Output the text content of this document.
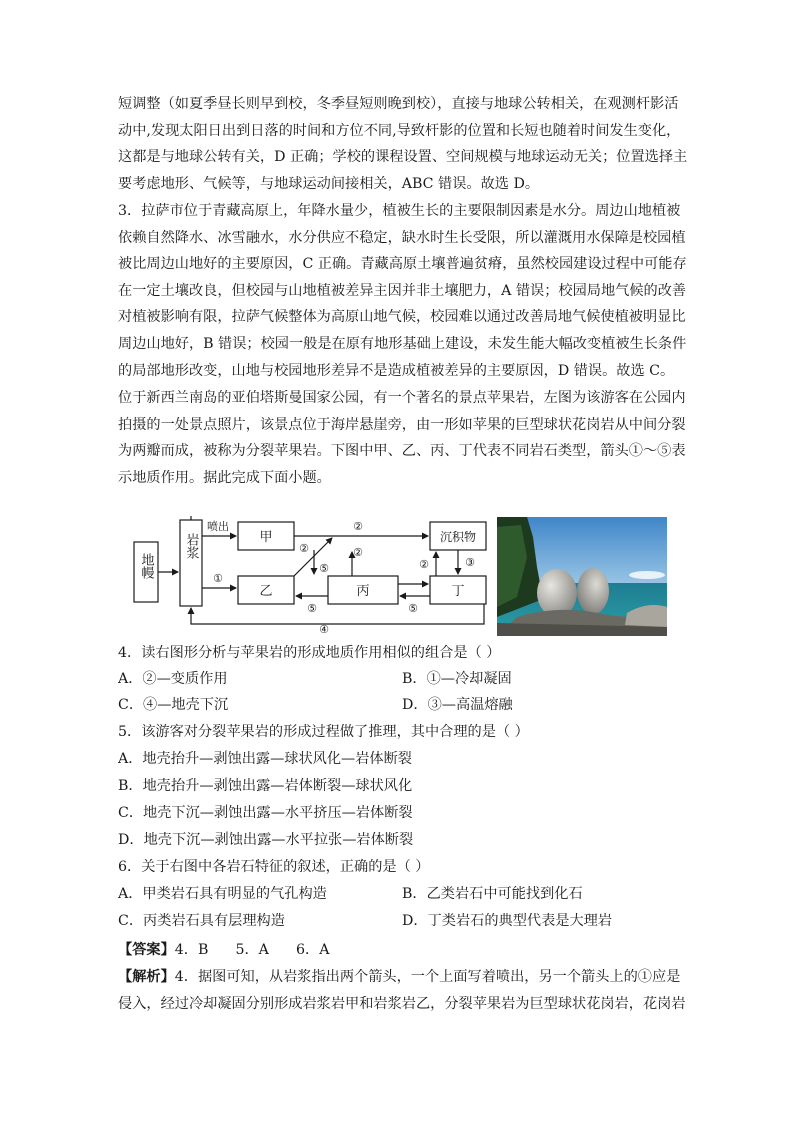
短调整（如夏季昼长则早到校，冬季昼短则晚到校），直接与地球公转相关，在观测杆影活
动中,发现太阳日出到日落的时间和方位不同,导致杆影的位置和长短也随着时间发生变化，
这都是与地球公转有关，D 正确；学校的课程设置、空间规模与地球运动无关；位置选择主
要考虑地形、气候等，与地球运动间接相关，ABC 错误。故选 D。
3．拉萨市位于青藏高原上，年降水量少，植被生长的主要限制因素是水分。周边山地植被
依赖自然降水、冰雪融水，水分供应不稳定，缺水时生长受限，所以灌溉用水保障是校园植
被比周边山地好的主要原因，C 正确。青藏高原土壤普遍贫瘠，虽然校园建设过程中可能存
在一定土壤改良，但校园与山地植被差异主因并非土壤肥力，A 错误；校园局地气候的改善
对植被影响有限，拉萨气候整体为高原山地气候，校园难以通过改善局地气候使植被明显比
周边山地好，B 错误；校园一般是在原有地形基础上建设，未发生能大幅改变植被生长条件
的局部地形改变，山地与校园地形差异不是造成植被差异的主要原因，D 错误。故选 C。
位于新西兰南岛的亚伯塔斯曼国家公园，有一个著名的景点苹果岩，左图为该游客在公园内
拍摄的一处景点照片，该景点位于海岸悬崖旁，由一形如苹果的巨型球状花岗岩从中间分裂
为两瓣而成，被称为分裂苹果岩。下图中甲、乙、丙、丁代表不同岩石类型，箭头①～⑤表
示地质作用。据此完成下面小题。
地幔
岩浆	甲
乙	丙	丁
沉积物
喷出
①
②
②	②
②	③
⑤
⑤	⑤
④

4．读右图形分析与苹果岩的形成地质作用相似的组合是（ ）

A．②—变质作用	B．①—冷却凝固
C．④—地壳下沉	D．③—高温熔融

5．该游客对分裂苹果岩的形成过程做了推理，其中合理的是（ ）

A．地壳抬升—剥蚀出露—球状风化—岩体断裂
B．地壳抬升—剥蚀出露—岩体断裂—球状风化
C．地壳下沉—剥蚀出露—水平挤压—岩体断裂
D．地壳下沉—剥蚀出露—水平拉张—岩体断裂

6．关于右图中各岩石特征的叙述，正确的是（ ）

A．甲类岩石具有明显的气孔构造	B．乙类岩石中可能找到化石
C．丙类岩石具有层理构造	D．丁类岩石的典型代表是大理岩

【答案】4．B      5．A      6．A

【解析】4．据图可知，从岩浆指出两个箭头，一个上面写着喷出，另一个箭头上的①应是

侵入，经过冷却凝固分别形成岩浆岩甲和岩浆岩乙，分裂苹果岩为巨型球状花岗岩，花岗岩
